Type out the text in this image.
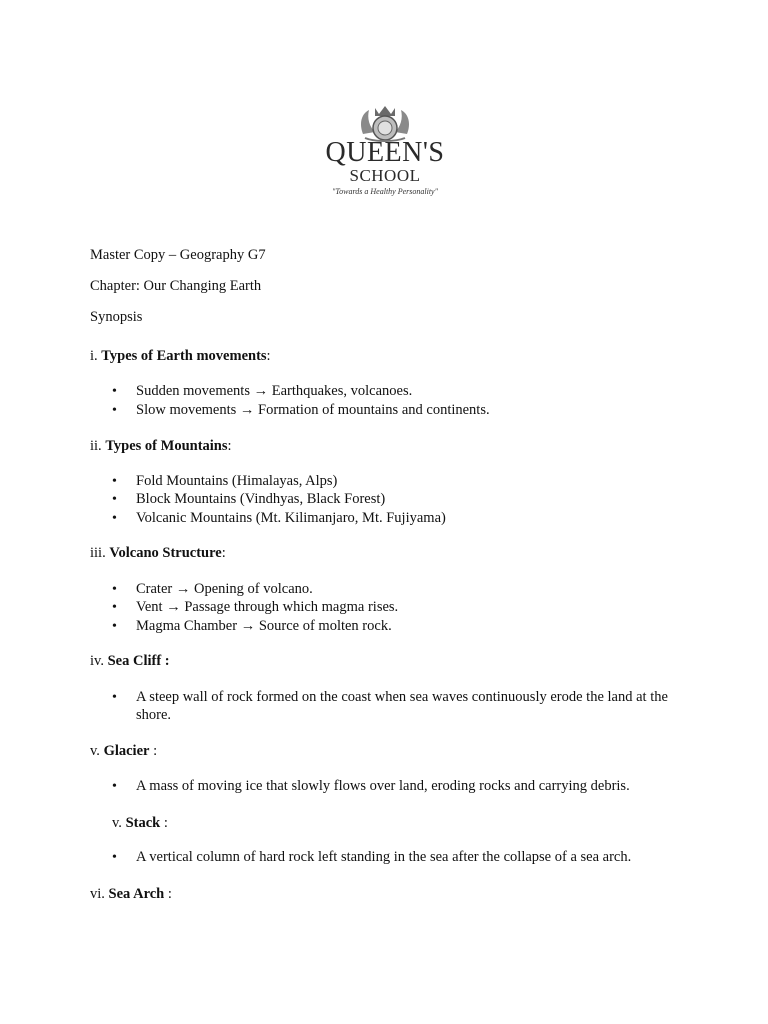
QUEEN'S
SCHOOL
"Towards a Healthy Personality"
Master Copy – Geography G7
Chapter: Our Changing Earth
Synopsis
i. Types of Earth movements:
• Sudden movements → Earthquakes, volcanoes.
• Slow movements → Formation of mountains and continents.
ii. Types of Mountains:
• Fold Mountains (Himalayas, Alps)
• Block Mountains (Vindhyas, Black Forest)
• Volcanic Mountains (Mt. Kilimanjaro, Mt. Fujiyama)
iii. Volcano Structure:
• Crater → Opening of volcano.
• Vent → Passage through which magma rises.
• Magma Chamber → Source of molten rock.
iv. Sea Cliff :
• A steep wall of rock formed on the coast when sea waves continuously erode the land at the shore.
v. Glacier :
• A mass of moving ice that slowly flows over land, eroding rocks and carrying debris.
v. Stack :
• A vertical column of hard rock left standing in the sea after the collapse of a sea arch.
vi. Sea Arch :
